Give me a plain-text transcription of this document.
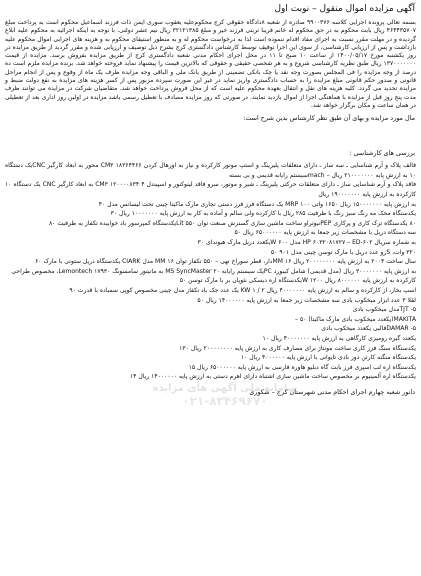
آگهی مزایده اموال منقول – نوبت اول
بسمه تعالی پرونده اجرایی کلاسه ۹۹۰۰۳۷۶ صادره از شعبه ۸دادگاه حقوقی کرج محکوم‌علیه یعقوب سوری ایمن ذات فرزند اسماعیل محکوم است به پرداخت مبلغ ۴۶۴۴۳۵۷۰۷ ریال بابت محکوم به در حق محکوم له خانم فریبا تربتی فرزند خیر و مبلغ ۳۲۱۲۱۳۸۵ ریال نیم عشر دولتی. با توجه به اینکه اجرائیه به محکوم علیه ابلاغ گردیده و در مهلت مقرر نسبت به اجرای مفاد اقدام ننموده است لذا به درخواست محکوم له و به منظور استیفای محکوم به و هزینه های اجرایی اموال محکوم علیه بازداشت و پس از ارزیابی کارشناسی، از سوی این اجرا توقیف توسط کارشناس دادگستری کرج بشرح ذیل توصیف و ارزیابی شده و مقرر گردید از طریق مزایده در روز یکشنبه مورخ ۱۴۰۰/۰۵/۱۷ از ساعت ۱۰ صبح تا ۱۱ در محل اجرای احکام مدنی شعبه دادگستری کرج از طریق مزایده بفروش برسد. مزایده از قیمت ۱۳۷۰۰۰۰۰۰۰ ریال طبق نظریه کارشناسی شروع و به هر شخصی حقیقی و حقوقی که بالاترین قیمت را پیشنهاد نماید فروخته خواهد شد. برنده مزایده ملزم است ده درصد از وجه مزایده را فی المجلس بصورت وجه نقد یا چک بانکی تضمینی از طریق بانک ملی و الباقی وجه مزایده ظرف یک ماه از وقوع و پس از انجام مراحل قانونی و صدور حکم قانونی مبلغ مزایده را به حساب دادگستری واریز نماید در غیر این صورت سپرده مزبور پس از کسر هزینه های مزایده به نفع دولت ضبط و مزایده تجدید می گردد. کلیه هزینه های نقل و انتقال بعهده محکوم علیه است که از محل فروش پرداخت خواهد شد. متقاضیان شرکت در مزایده می توانند ظرف مدت پنج روز قبل از مزایده با هماهنگی اجرا از اموال بازدید نمایند. در صورتی که روز مزایده مصادف با تعطیل رسمی باشد مزایده در اولین روز اداری بعد از تعطیلی در همان ساعت و مکان برگزار خواهد شد.
مال مورد مزایده و بهای آن طبق نظر کارشناس بدین شرح است:
بررسی های کارشناسی :
قالف پلاک و آرم شناسایی ـ سه ساز ـ دارای متعلقات پلیرینگ و استپ موتور کارکرده و نیاز به اورهال کردن ۱۸۳۶۴۴۶۶ CM۳ محور به ابعاد کارگیر CNCیک دستگاه ۱۰ به ارزش پایه ۲۱۰۰۰۰۰۰۰ ریال – machسیستم رایانه قدیمی و بی بسته
فاقد پلاک و آرم شناسایی ساز ـ دارای متعلقات حرکتی پلیرینگ ـ شیر و موتور، سرو فاقد لینوکنور و اسپیندل ۴ ۱۲۰۰۰۰۸۳۴ CM۳ به ابعاد کارگیر CNC یک دستگاه ۱۰ کارکرده به ارزش پایه ۱۹۰۰۰۰۰۰۰ ریال
به ارزش پایه ۱۵۰۰۰۰۰۰۰ ریال ۱۶۵۰ واتی MRP ۱۰۰ یک دستگاه فرز فرز دستی تجاری مارک ماکیتا چینی تحت لیسانس مدل ۴۰
یکدستگاه محک مه رنگ سبز رنگ با ظرفیت ۲۸۵ ریال با کارکرده ولی سالم و آماده به کار به ارزش پایه ۱۰۰۰۰۰۰۰ ریال ۳۰
۸۰ یکدستگاه ترک کاری و پرکاری PEPنیوتراو ساخت ماشین سازی گسترش صنعت توان ۵۵۰ Litیکدستگاه کمپرسور باد خوابیده تکفاز به ظرفیت ۸۰
سه دستگاه دریل با مشخصات زیر جمعا به ارزش پایه ۶۵۰۰۰۰۰۰ ریال ۵۰
به شماره سریال HP ۶۰۳۲۰۸۱۷۲۷ – ED-۶۰۲ مدل ۶۰۰ Wیکعدد دریل مارک هیوندای ۳۰
۳۲۰ وات، Sرو عدد دریل با مارک توسن چینی مدل ۹۰۱ ۵۰
سال ساخت ۲۰۰۴ به ارزش پایه ۲۰۰۰۰۰۰۰۰ ریال ۱۶ MMدار، قطر سوراخ تهی – ۵۵۰ تکفاز توان ۱۶ MM مدل CIARK یکدستگاه دریل ستونی با مارک ۶۰
به ارزش پایه ۳۰۰۰۰۰۰۰ ریال (مدل قدیمی) شامل کیبورد PCیک سیستم رایانه ۲۰ MS SyncMaster به مانیتور سامسونگ ۱۷۹۳۰ Lemontech، مخصوص طراحی
کارکرده به ارزش پایه ۸۰۰۰۰۰۰ ریال ۱۲۰۰ Wیکدستگاه اره دیسکی نئوپان بر با مارک توسن ۵۰
اسپ بخار، از کارکرده و سالم به ارزش پایه ۴۰۰۰۰۰۰۰ ریال ۲ / ۱ KW یک عدد جک باد تکفاز مدل چینی مخصوص کوپی سمباده با قدرت ۹۰
لقلا ۳ عدد ابزار میخکوب بادی سه مشخصات زیر جمعا به ارزش پایه ۱۴۰۰۰۰۰۰ ریال ۵۰
۵- TJTمدل میخکوب بادی
MAKITA(یکعدد میخکوب بادی مارک ماکیتا) ۵۰ –
۵- DAMARقالبی یکعدد میخکوب بادی
یکعدد گیره رومیزی کارگاهی به ارزش پایه ۴۰۰۰۰۰۰۰ ریال ۱۰
یکدستگاه سنگ فرز کاری ساخت مونتاژ برای مصارف کاری به ارزش پایه ۲۰۰۰۰۰۰۰۰ ریال ۱۳۰
یکدستگاه منگنه کارتن دوز بادی تایوانی با ارزش پایه ۴۰۰۰۰۰۰ ریال ۱۰
یکدستگاه اره لب اسپری فرز بابت گاه دبلیو هاوره فارسی به ارزش پایه ۶۵۰۰۰۰۰۰ ریال ۱۵
یکدستگاه اره آلمینیوم بر مخصوص ساخت ماشین سازی اشتباه دارای اهرم دستی به ارزش پایه ۱۴۰۰۰۰۰۰ ریال ۱۴
دانور شعبه چهارم اجرای احکام مدنی شهرستان کرج – شکوری
سامانه ملی آگهی های مزایده
۰۲۱-۸۳۴۶۹۶۷۰
